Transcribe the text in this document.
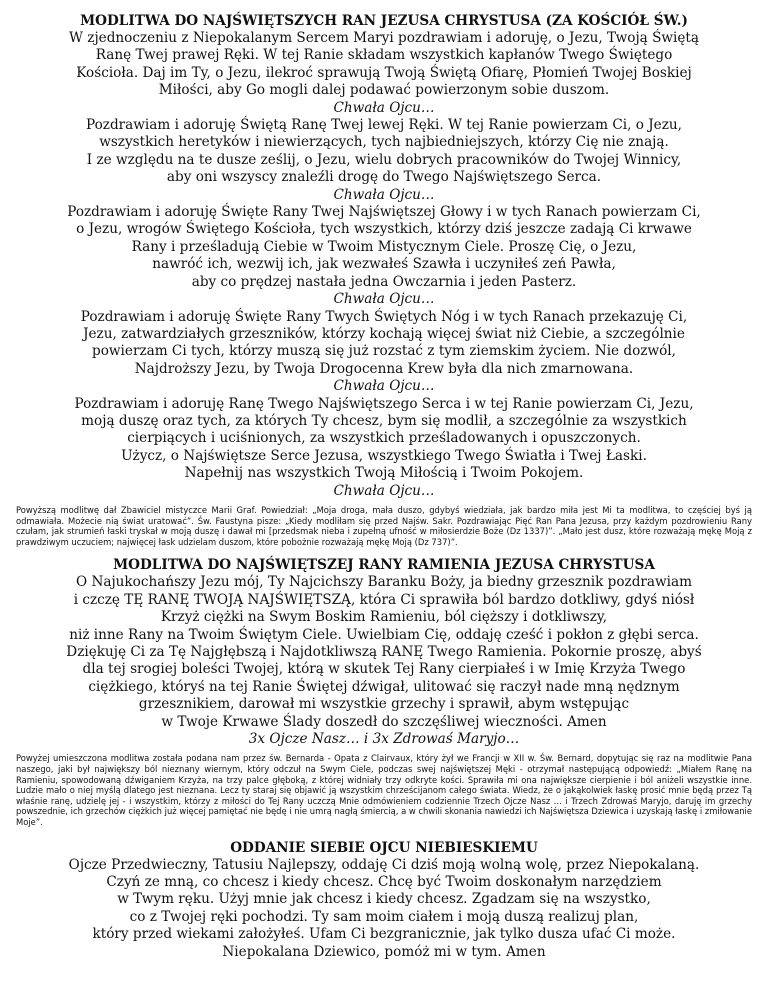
MODLITWA DO NAJŚWIĘTSZYCH RAN JEZUSA CHRYSTUSA (ZA KOŚCIÓŁ ŚW.)

W zjednoczeniu z Niepokalanym Sercem Maryi pozdrawiam i adoruję, o Jezu, Twoją Świętą

Ranę Twej prawej Ręki. W tej Ranie składam wszystkich kapłanów Twego Świętego

Kościoła. Daj im Ty, o Jezu, ilekroć sprawują Twoją Świętą Ofiarę, Płomień Twojej Boskiej

Miłości, aby Go mogli dalej podawać powierzonym sobie duszom.

Chwała Ojcu…

Pozdrawiam i adoruję Świętą Ranę Twej lewej Ręki. W tej Ranie powierzam Ci, o Jezu,

wszystkich heretyków i niewierzących, tych najbiedniejszych, którzy Cię nie znają.

I ze względu na te dusze ześlij, o Jezu, wielu dobrych pracowników do Twojej Winnicy,

aby oni wszyscy znaleźli drogę do Twego Najświętszego Serca.

Chwała Ojcu…

Pozdrawiam i adoruję Święte Rany Twej Najświętszej Głowy i w tych Ranach powierzam Ci,

o Jezu, wrogów Świętego Kościoła, tych wszystkich, którzy dziś jeszcze zadają Ci krwawe

Rany i prześladują Ciebie w Twoim Mistycznym Ciele. Proszę Cię, o Jezu,

nawróć ich, wezwij ich, jak wezwałeś Szawła i uczyniłeś zeń Pawła,

aby co prędzej nastała jedna Owczarnia i jeden Pasterz.

Chwała Ojcu…

Pozdrawiam i adoruję Święte Rany Twych Świętych Nóg i w tych Ranach przekazuję Ci,

Jezu, zatwardziałych grzeszników, którzy kochają więcej świat niż Ciebie, a szczególnie

powierzam Ci tych, którzy muszą się już rozstać z tym ziemskim życiem. Nie dozwól,

Najdroższy Jezu, by Twoja Drogocenna Krew była dla nich zmarnowana.

Chwała Ojcu…

Pozdrawiam i adoruję Ranę Twego Najświętszego Serca i w tej Ranie powierzam Ci, Jezu,

moją duszę oraz tych, za których Ty chcesz, bym się modlił, a szczególnie za wszystkich

cierpiących i uciśnionych, za wszystkich prześladowanych i opuszczonych.

Użycz, o Najświętsze Serce Jezusa, wszystkiego Twego Światła i Twej Łaski.

Napełnij nas wszystkich Twoją Miłością i Twoim Pokojem.

Chwała Ojcu…

Powyższą modlitwę dał Zbawiciel mistyczce Marii Graf. Powiedział: „Moja droga, mała duszo, gdybyś wiedziała, jak bardzo miła jest Mi ta modlitwa, to częściej byś ją odmawiała. Możecie nią świat uratować”. Św. Faustyna pisze: „Kiedy modliłam się przed Najśw. Sakr. Pozdrawiając Pięć Ran Pana Jezusa, przy każdym pozdrowieniu Rany czułam, jak strumień łaski tryskał w moją duszę i dawał mi [przedsmak nieba i zupełną ufność w miłosierdzie Boże (Dz 1337)”. „Mało jest dusz, które rozważają mękę Moją z prawdziwym uczuciem; najwięcej łask udzielam duszom, które pobożnie rozważają mękę Moją (Dz 737)”.

MODLITWA DO NAJŚWIĘTSZEJ RANY RAMIENIA JEZUSA CHRYSTUSA

O Najukochańszy Jezu mój, Ty Najcichszy Baranku Boży, ja biedny grzesznik pozdrawiam

i czczę TĘ RANĘ TWOJĄ NAJŚWIĘTSZĄ, która Ci sprawiła ból bardzo dotkliwy, gdyś niósł

Krzyż ciężki na Swym Boskim Ramieniu, ból cięższy i dotkliwszy,

niż inne Rany na Twoim Świętym Ciele. Uwielbiam Cię, oddaję cześć i pokłon z głębi serca.

Dziękuję Ci za Tę Najgłębszą i Najdotkliwszą RANĘ Twego Ramienia. Pokornie proszę, abyś

dla tej srogiej boleści Twojej, którą w skutek Tej Rany cierpiałeś i w Imię Krzyża Twego

ciężkiego, któryś na tej Ranie Świętej dźwigał, ulitować się raczył nade mną nędznym

grzesznikiem, darował mi wszystkie grzechy i sprawił, abym wstępując

w Twoje Krwawe Ślady doszedł do szczęśliwej wieczności. Amen

3x Ojcze Nasz… i 3x Zdrowaś Maryjo…

Powyżej umieszczona modlitwa została podana nam przez św. Bernarda - Opata z Clairvaux, który żył we Francji w XII w. Św. Bernard, dopytując się raz na modlitwie Pana naszego, jaki był największy ból nieznany wiernym, który odczuł na Swym Ciele, podczas swej najświętszej Męki - otrzymał następującą odpowiedź: „Miałem Ranę na Ramieniu, spowodowaną dźwiganiem Krzyża, na trzy palce głęboką, z której widniały trzy odkryte kości. Sprawiła mi ona największe cierpienie i ból aniżeli wszystkie inne. Ludzie mało o niej myślą dlatego jest nieznana. Lecz ty staraj się objawić ją wszystkim chrześcijanom całego świata. Wiedz, że o jakąkolwiek łaskę prosić mnie będą przez Tą właśnie ranę, udzielę jej - i wszystkim, którzy z miłości do Tej Rany uczczą Mnie odmówieniem codziennie Trzech Ojcze Nasz … i Trzech Zdrowaś Maryjo, daruję im grzechy powszednie, ich grzechów ciężkich już więcej pamiętać nie będę i nie umrą nagłą śmiercią, a w chwili skonania nawiedzi ich Najświętsza Dziewica i uzyskają łaskę i zmiłowanie Moje”.

ODDANIE SIEBIE OJCU NIEBIESKIEMU

Ojcze Przedwieczny, Tatusiu Najlepszy, oddaję Ci dziś moją wolną wolę, przez Niepokalaną.

Czyń ze mną, co chcesz i kiedy chcesz. Chcę być Twoim doskonałym narzędziem

w Twym ręku. Użyj mnie jak chcesz i kiedy chcesz. Zgadzam się na wszystko,

co z Twojej ręki pochodzi. Ty sam moim ciałem i moją duszą realizuj plan,

który przed wiekami założyłeś. Ufam Ci bezgranicznie, jak tylko dusza ufać Ci może.

Niepokalana Dziewico, pomóż mi w tym. Amen
